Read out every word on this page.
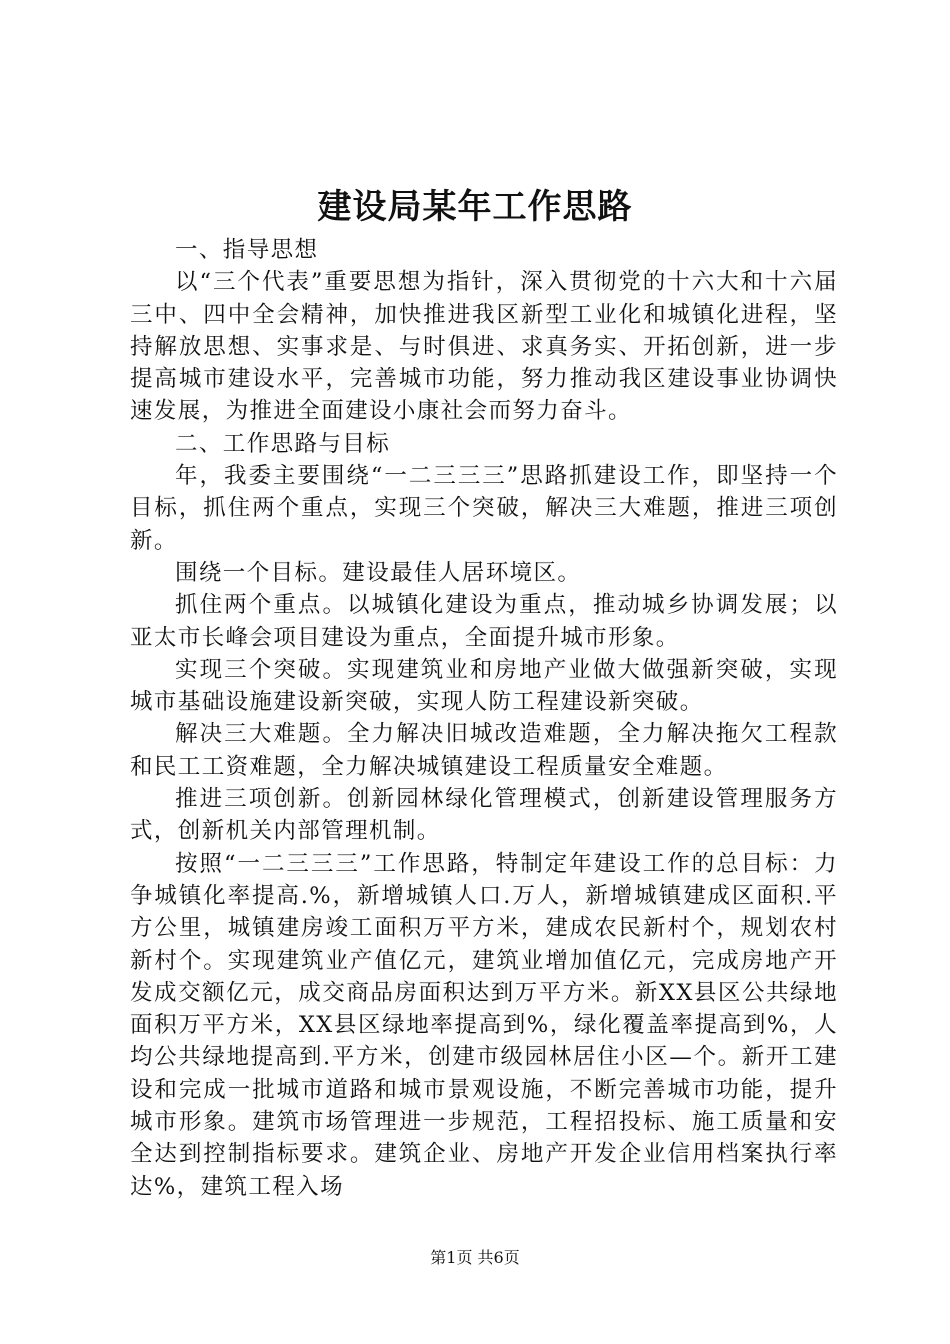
建设局某年工作思路

一、指导思想

以“三个代表”重要思想为指针，深入贯彻党的十六大和十六届三中、四中全会精神，加快推进我区新型工业化和城镇化进程，坚持解放思想、实事求是、与时俱进、求真务实、开拓创新，进一步提高城市建设水平，完善城市功能，努力推动我区建设事业协调快速发展，为推进全面建设小康社会而努力奋斗。

二、工作思路与目标

年，我委主要围绕“一二三三三”思路抓建设工作，即坚持一个目标，抓住两个重点，实现三个突破，解决三大难题，推进三项创新。

围绕一个目标。建设最佳人居环境区。

抓住两个重点。以城镇化建设为重点，推动城乡协调发展；以亚太市长峰会项目建设为重点，全面提升城市形象。

实现三个突破。实现建筑业和房地产业做大做强新突破，实现城市基础设施建设新突破，实现人防工程建设新突破。

解决三大难题。全力解决旧城改造难题，全力解决拖欠工程款和民工工资难题，全力解决城镇建设工程质量安全难题。

推进三项创新。创新园林绿化管理模式，创新建设管理服务方式，创新机关内部管理机制。

按照“一二三三三”工作思路，特制定年建设工作的总目标：力争城镇化率提高.%，新增城镇人口.万人，新增城镇建成区面积.平方公里，城镇建房竣工面积万平方米，建成农民新村个，规划农村新村个。实现建筑业产值亿元，建筑业增加值亿元，完成房地产开发成交额亿元，成交商品房面积达到万平方米。新XX县区公共绿地面积万平方米，XX县区绿地率提高到%，绿化覆盖率提高到%，人均公共绿地提高到.平方米，创建市级园林居住小区—个。新开工建设和完成一批城市道路和城市景观设施，不断完善城市功能，提升城市形象。建筑市场管理进一步规范，工程招投标、施工质量和安全达到控制指标要求。建筑企业、房地产开发企业信用档案执行率达%，建筑工程入场

第1页 共6页
